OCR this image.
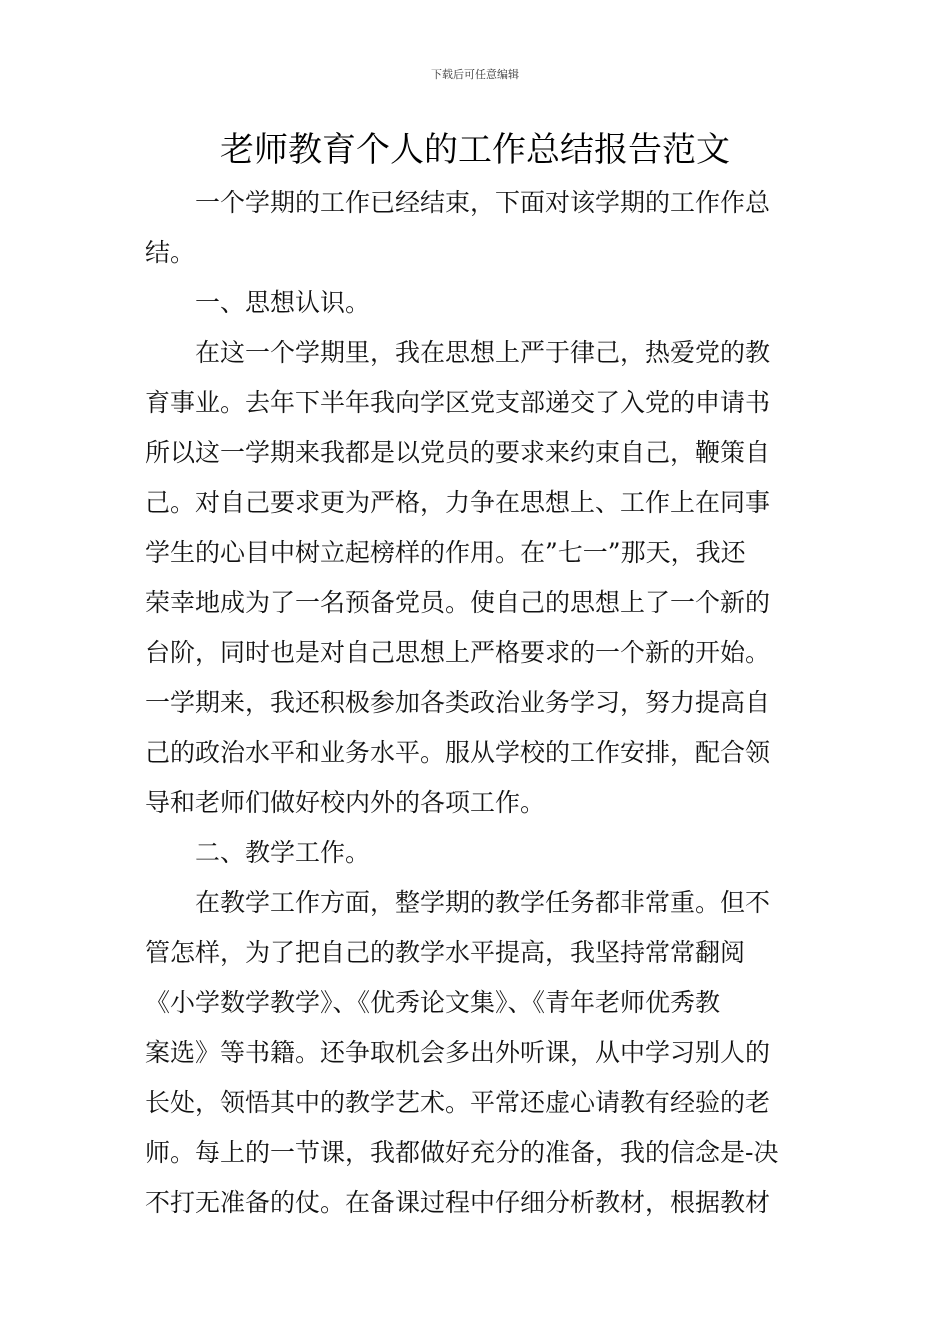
下载后可任意编辑
老师教育个人的工作总结报告范文
一个学期的工作已经结束，下面对该学期的工作作总
结。
一、思想认识。
在这一个学期里，我在思想上严于律己，热爱党的教
育事业。去年下半年我向学区党支部递交了入党的申请书
所以这一学期来我都是以党员的要求来约束自己，鞭策自
己。对自己要求更为严格，力争在思想上、工作上在同事
学生的心目中树立起榜样的作用。在”七一”那天，我还
荣幸地成为了一名预备党员。使自己的思想上了一个新的
台阶，同时也是对自己思想上严格要求的一个新的开始。
一学期来，我还积极参加各类政治业务学习，努力提高自
己的政治水平和业务水平。服从学校的工作安排，配合领
导和老师们做好校内外的各项工作。
二、教学工作。
在教学工作方面，整学期的教学任务都非常重。但不
管怎样，为了把自己的教学水平提高，我坚持常常翻阅
《小学数学教学》、《优秀论文集》、《青年老师优秀教
案选》等书籍。还争取机会多出外听课，从中学习别人的
长处，领悟其中的教学艺术。平常还虚心请教有经验的老
师。每上的一节课，我都做好充分的准备，我的信念是-决
不打无准备的仗。在备课过程中仔细分析教材，根据教材
